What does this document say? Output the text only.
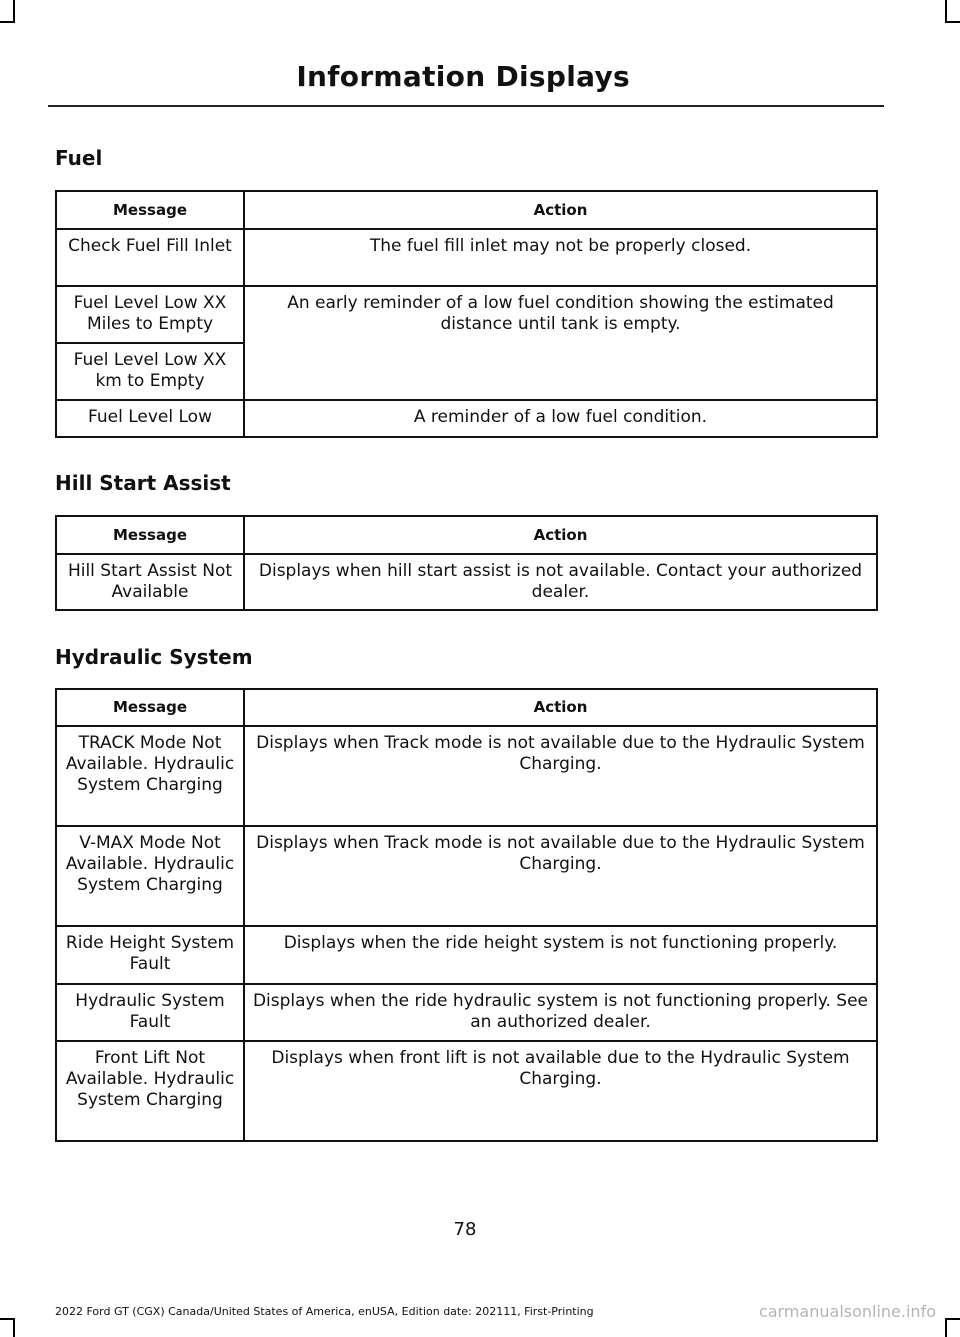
Information Displays
Fuel
Message	Action
Check Fuel Fill Inlet	The fuel fill inlet may not be properly closed.
Fuel Level Low XX Miles to Empty	An early reminder of a low fuel condition showing the estimated distance until tank is empty.
Fuel Level Low XX km to Empty	
Fuel Level Low	A reminder of a low fuel condition.
Hill Start Assist
Message	Action
Hill Start Assist Not Available	Displays when hill start assist is not available. Contact your authorized dealer.
Hydraulic System
Message	Action
TRACK Mode Not Available. Hydraulic System Charging	Displays when Track mode is not available due to the Hydraulic System Charging.
V-MAX Mode Not Available. Hydraulic System Charging	Displays when Track mode is not available due to the Hydraulic System Charging.
Ride Height System Fault	Displays when the ride height system is not functioning properly.
Hydraulic System Fault	Displays when the ride hydraulic system is not functioning properly. See an authorized dealer.
Front Lift Not Available. Hydraulic System Charging	Displays when front lift is not available due to the Hydraulic System Charging.
78
2022 Ford GT (CGX) Canada/United States of America, enUSA, Edition date: 202111, First-Printing	carmanualsonline.info
